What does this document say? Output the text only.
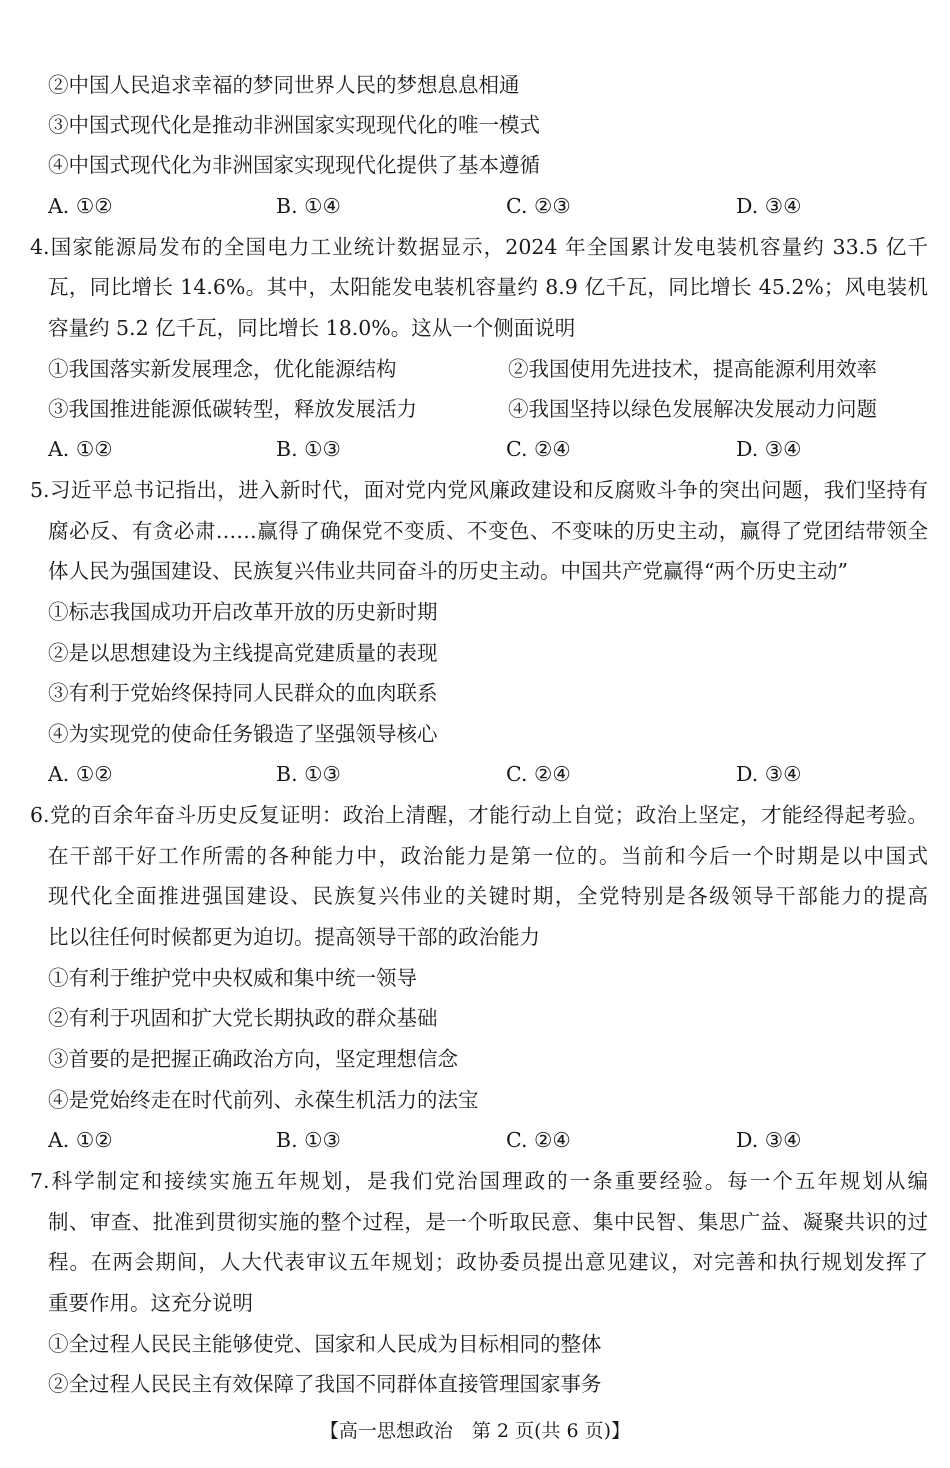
②中国人民追求幸福的梦同世界人民的梦想息息相通
③中国式现代化是推动非洲国家实现现代化的唯一模式
④中国式现代化为非洲国家实现现代化提供了基本遵循
A. ①②	B. ①④	C. ②③	D. ③④
4.国家能源局发布的全国电力工业统计数据显示，2024 年全国累计发电装机容量约 33.5 亿千
瓦，同比增长 14.6%。其中，太阳能发电装机容量约 8.9 亿千瓦，同比增长 45.2%；风电装机
容量约 5.2 亿千瓦，同比增长 18.0%。这从一个侧面说明
①我国落实新发展理念，优化能源结构	②我国使用先进技术，提高能源利用效率
③我国推进能源低碳转型，释放发展活力	④我国坚持以绿色发展解决发展动力问题
A. ①②	B. ①③	C. ②④	D. ③④
5.习近平总书记指出，进入新时代，面对党内党风廉政建设和反腐败斗争的突出问题，我们坚持有
腐必反、有贪必肃……赢得了确保党不变质、不变色、不变味的历史主动，赢得了党团结带领全
体人民为强国建设、民族复兴伟业共同奋斗的历史主动。中国共产党赢得“两个历史主动”
①标志我国成功开启改革开放的历史新时期
②是以思想建设为主线提高党建质量的表现
③有利于党始终保持同人民群众的血肉联系
④为实现党的使命任务锻造了坚强领导核心
A. ①②	B. ①③	C. ②④	D. ③④
6.党的百余年奋斗历史反复证明：政治上清醒，才能行动上自觉；政治上坚定，才能经得起考验。
在干部干好工作所需的各种能力中，政治能力是第一位的。当前和今后一个时期是以中国式
现代化全面推进强国建设、民族复兴伟业的关键时期，全党特别是各级领导干部能力的提高
比以往任何时候都更为迫切。提高领导干部的政治能力
①有利于维护党中央权威和集中统一领导
②有利于巩固和扩大党长期执政的群众基础
③首要的是把握正确政治方向，坚定理想信念
④是党始终走在时代前列、永葆生机活力的法宝
A. ①②	B. ①③	C. ②④	D. ③④
7.科学制定和接续实施五年规划，是我们党治国理政的一条重要经验。每一个五年规划从编
制、审查、批准到贯彻实施的整个过程，是一个听取民意、集中民智、集思广益、凝聚共识的过
程。在两会期间，人大代表审议五年规划；政协委员提出意见建议，对完善和执行规划发挥了
重要作用。这充分说明
①全过程人民民主能够使党、国家和人民成为目标相同的整体
②全过程人民民主有效保障了我国不同群体直接管理国家事务
【高一思想政治　第 2 页(共 6 页)】
